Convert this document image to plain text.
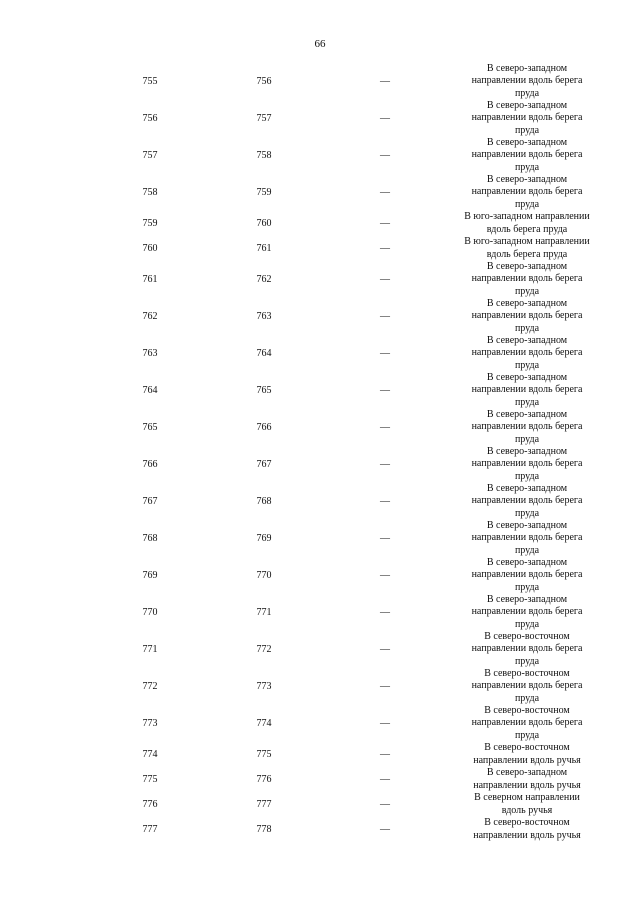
66
755	756	—
В северо-западном
направлении вдоль берега
пруда
756	757	—
В северо-западном
направлении вдоль берега
пруда
757	758	—
В северо-западном
направлении вдоль берега
пруда
758	759	—
В северо-западном
направлении вдоль берега
пруда
759	760	—
В юго-западном направлении
вдоль берега пруда
760	761	—
В юго-западном направлении
вдоль берега пруда
761	762	—
В северо-западном
направлении вдоль берега
пруда
762	763	—
В северо-западном
направлении вдоль берега
пруда
763	764	—
В северо-западном
направлении вдоль берега
пруда
764	765	—
В северо-западном
направлении вдоль берега
пруда
765	766	—
В северо-западном
направлении вдоль берега
пруда
766	767	—
В северо-западном
направлении вдоль берега
пруда
767	768	—
В северо-западном
направлении вдоль берега
пруда
768	769	—
В северо-западном
направлении вдоль берега
пруда
769	770	—
В северо-западном
направлении вдоль берега
пруда
770	771	—
В северо-западном
направлении вдоль берега
пруда
771	772	—
В северо-восточном
направлении вдоль берега
пруда
772	773	—
В северо-восточном
направлении вдоль берега
пруда
773	774	—
В северо-восточном
направлении вдоль берега
пруда
774	775	—
В северо-восточном
направлении вдоль ручья
775	776	—
В северо-западном
направлении вдоль ручья
776	777	—
В северном направлении
вдоль ручья
777	778	—
В северо-восточном
направлении вдоль ручья
